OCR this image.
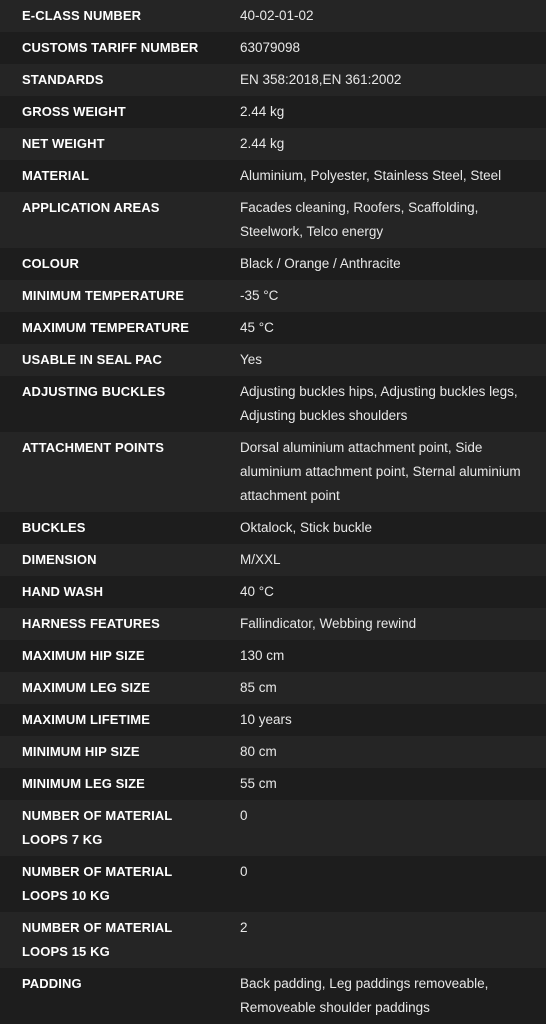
E-CLASS NUMBER	40-02-01-02
CUSTOMS TARIFF NUMBER	63079098
STANDARDS	EN 358:2018,EN 361:2002
GROSS WEIGHT	2.44 kg
NET WEIGHT	2.44 kg
MATERIAL	Aluminium, Polyester, Stainless Steel, Steel
APPLICATION AREAS	Facades cleaning, Roofers, Scaffolding, Steelwork, Telco energy
COLOUR	Black / Orange / Anthracite
MINIMUM TEMPERATURE	-35 °C
MAXIMUM TEMPERATURE	45 °C
USABLE IN SEAL PAC	Yes
ADJUSTING BUCKLES	Adjusting buckles hips, Adjusting buckles legs, Adjusting buckles shoulders
ATTACHMENT POINTS	Dorsal aluminium attachment point, Side aluminium attachment point, Sternal aluminium attachment point
BUCKLES	Oktalock, Stick buckle
DIMENSION	M/XXL
HAND WASH	40 °C
HARNESS FEATURES	Fallindicator, Webbing rewind
MAXIMUM HIP SIZE	130 cm
MAXIMUM LEG SIZE	85 cm
MAXIMUM LIFETIME	10 years
MINIMUM HIP SIZE	80 cm
MINIMUM LEG SIZE	55 cm
NUMBER OF MATERIAL LOOPS 7 KG	0
NUMBER OF MATERIAL LOOPS 10 KG	0
NUMBER OF MATERIAL LOOPS 15 KG	2
PADDING	Back padding, Leg paddings removeable, Removeable shoulder paddings
